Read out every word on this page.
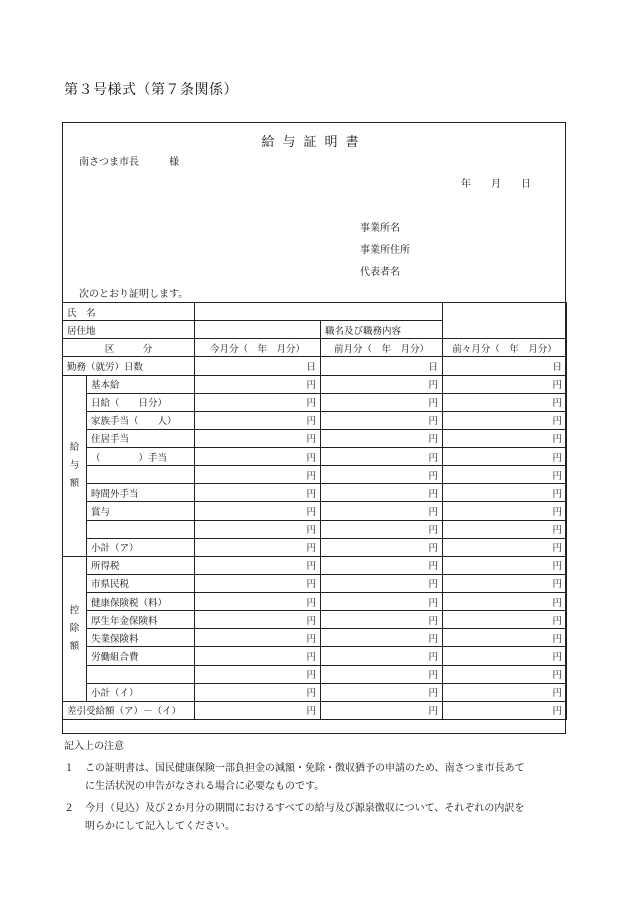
第３号様式（第７条関係）
給与証明書
南さつま市長　　　様
年　　月　　日
事業所名
事業所住所
代表者名
次のとおり証明します。
氏　名				
居住地			職名及び職務内容	
区　　　分		今月分（　年　月分）	前月分（　年　月分）	前々月分（　年　月分）
勤務（就労）日数		日	日	日

給
与
額	基本給	円	円	円
	日給（　　日分）	円	円	円
	家族手当（　　人）	円	円	円
	住居手当	円	円	円
	（　　　　）手当	円	円	円
		円	円	円
	時間外手当	円	円	円
	賞与	円	円	円
		円	円	円
	小計（ア）	円	円	円

控
除
額	所得税	円	円	円
	市県民税	円	円	円
	健康保険税（料）	円	円	円
	厚生年金保険料	円	円	円
	失業保険料	円	円	円
	労働組合費	円	円	円
		円	円	円
	小計（イ）	円	円	円
差引受給額（ア）－（イ）		円	円	円
記入上の注意
１	この証明書は、国民健康保険一部負担金の減額・免除・徴収猶予の申請のため、南さつま市長あて
に生活状況の申告がなされる場合に必要なものです。
２	今月（見込）及び２か月分の期間におけるすべての給与及び源泉徴収について、それぞれの内訳を
明らかにして記入してください。
